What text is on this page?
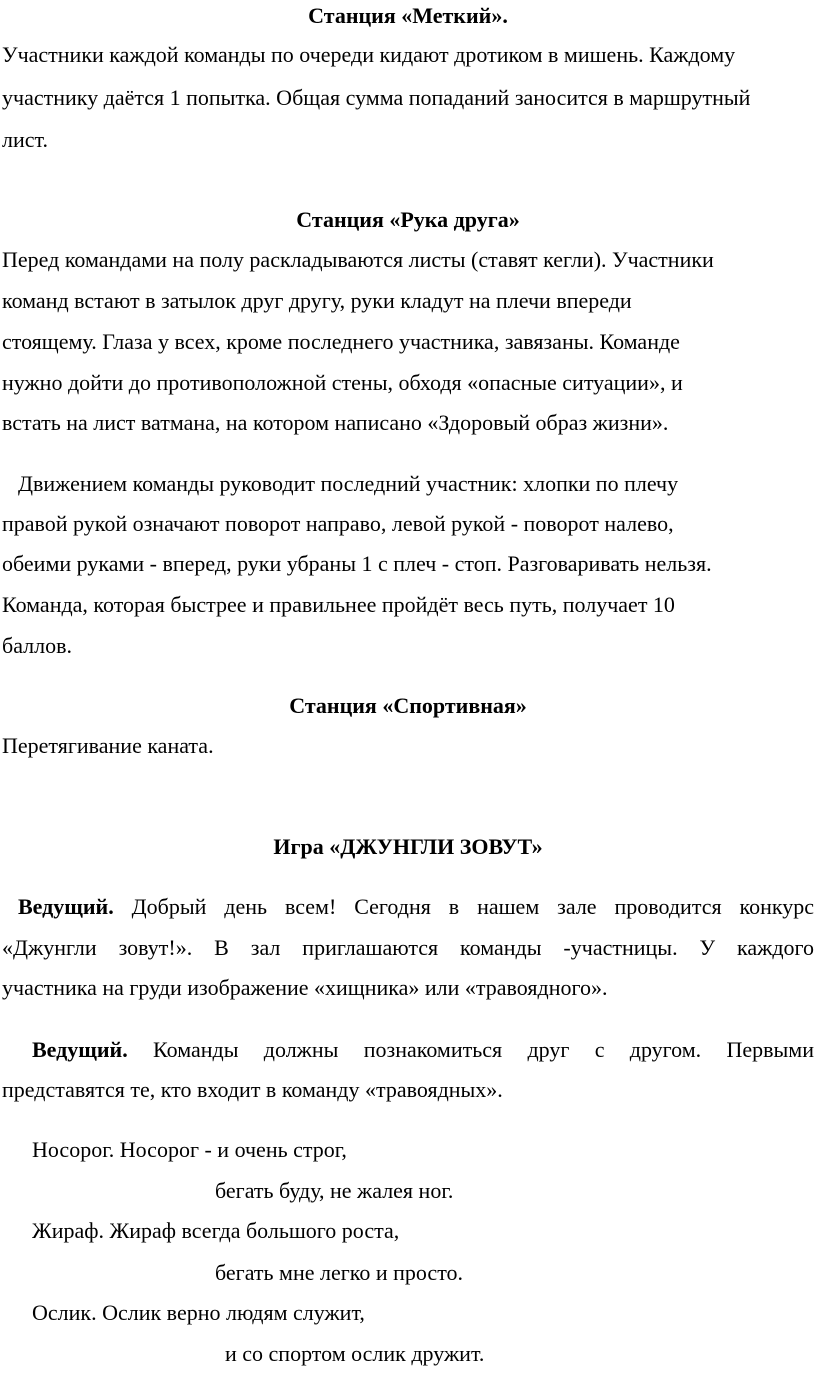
Станция «Меткий».
Участники каждой команды по очереди кидают дротиком в мишень. Каждому
участнику даётся 1 попытка. Общая сумма попаданий заносится в маршрутный
лист.
Станция «Рука друга»
Перед командами на полу раскладываются листы (ставят кегли). Участники
команд встают в затылок друг другу, руки кладут на плечи впереди
стоящему. Глаза у всех, кроме последнего участника, завязаны. Команде
нужно дойти до противоположной стены, обходя «опасные ситуации», и
встать на лист ватмана, на котором написано «Здоровый образ жизни».
Движением команды руководит последний участник: хлопки по плечу
правой рукой означают поворот направо, левой рукой - поворот налево,
обеими руками - вперед, руки убраны 1 с плеч - стоп. Разговаривать нельзя.
Команда, которая быстрее и правильнее пройдёт весь путь, получает 10
баллов.
Станция «Спортивная»
Перетягивание каната.
Игра «ДЖУНГЛИ ЗОВУТ»
Ведущий. Добрый день всем! Сегодня в нашем зале проводится конкурс
«Джунгли зовут!». В зал приглашаются команды -участницы. У каждого
участника на груди изображение «хищника» или «травоядного».
Ведущий. Команды должны познакомиться друг с другом. Первыми
представятся те, кто входит в команду «травоядных».
Носорог. Носорог - и очень строг,
бегать буду, не жалея ног.
Жираф. Жираф всегда большого роста,
бегать мне легко и просто.
Ослик. Ослик верно людям служит,
и со спортом ослик дружит.
